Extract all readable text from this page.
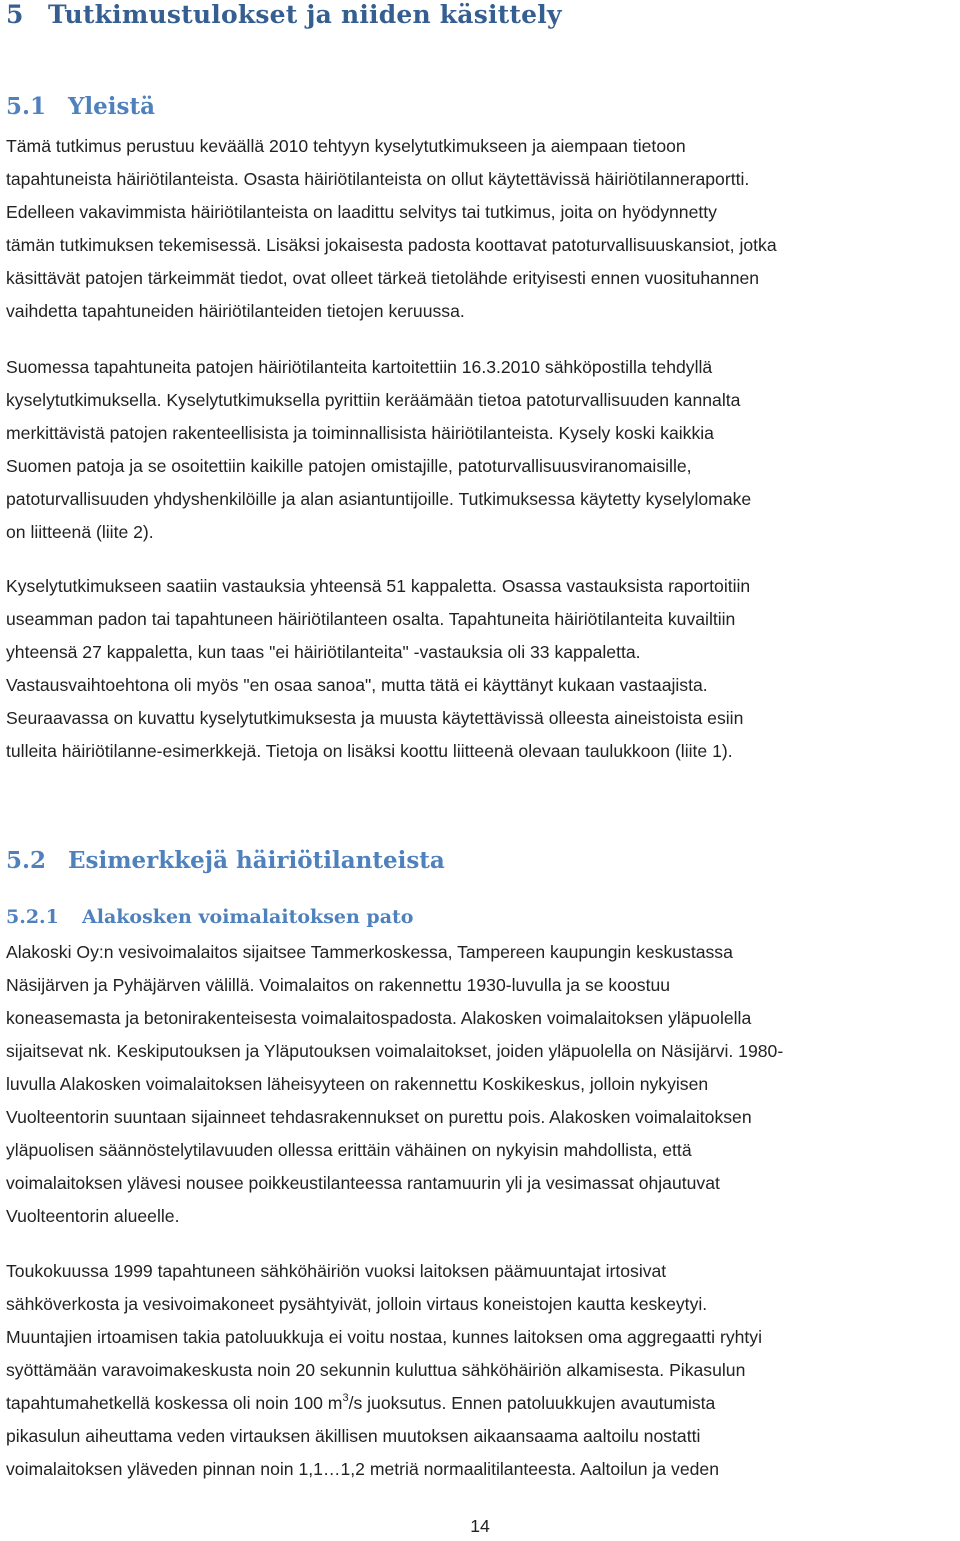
5 Tutkimustulokset ja niiden käsittely
5.1 Yleistä
Tämä tutkimus perustuu keväällä 2010 tehtyyn kyselytutkimukseen ja aiempaan tietoon
tapahtuneista häiriötilanteista. Osasta häiriötilanteista on ollut käytettävissä häiriötilanneraportti.
Edelleen vakavimmista häiriötilanteista on laadittu selvitys tai tutkimus, joita on hyödynnetty
tämän tutkimuksen tekemisessä. Lisäksi jokaisesta padosta koottavat patoturvallisuuskansiot, jotka
käsittävät patojen tärkeimmät tiedot, ovat olleet tärkeä tietolähde erityisesti ennen vuosituhannen
vaihdetta tapahtuneiden häiriötilanteiden tietojen keruussa.
Suomessa tapahtuneita patojen häiriötilanteita kartoitettiin 16.3.2010 sähköpostilla tehdyllä
kyselytutkimuksella. Kyselytutkimuksella pyrittiin keräämään tietoa patoturvallisuuden kannalta
merkittävistä patojen rakenteellisista ja toiminnallisista häiriötilanteista. Kysely koski kaikkia
Suomen patoja ja se osoitettiin kaikille patojen omistajille, patoturvallisuusviranomaisille,
patoturvallisuuden yhdyshenkilöille ja alan asiantuntijoille. Tutkimuksessa käytetty kyselylomake
on liitteenä (liite 2).
Kyselytutkimukseen saatiin vastauksia yhteensä 51 kappaletta. Osassa vastauksista raportoitiin
useamman padon tai tapahtuneen häiriötilanteen osalta. Tapahtuneita häiriötilanteita kuvailtiin
yhteensä 27 kappaletta, kun taas "ei häiriötilanteita" -vastauksia oli 33 kappaletta.
Vastausvaihtoehtona oli myös "en osaa sanoa", mutta tätä ei käyttänyt kukaan vastaajista.
Seuraavassa on kuvattu kyselytutkimuksesta ja muusta käytettävissä olleesta aineistoista esiin
tulleita häiriötilanne-esimerkkejä. Tietoja on lisäksi koottu liitteenä olevaan taulukkoon (liite 1).
5.2 Esimerkkejä häiriötilanteista
5.2.1 Alakosken voimalaitoksen pato
Alakoski Oy:n vesivoimalaitos sijaitsee Tammerkoskessa, Tampereen kaupungin keskustassa
Näsijärven ja Pyhäjärven välillä. Voimalaitos on rakennettu 1930-luvulla ja se koostuu
koneasemasta ja betonirakenteisesta voimalaitospadosta. Alakosken voimalaitoksen yläpuolella
sijaitsevat nk. Keskiputouksen ja Yläputouksen voimalaitokset, joiden yläpuolella on Näsijärvi. 1980-
luvulla Alakosken voimalaitoksen läheisyyteen on rakennettu Koskikeskus, jolloin nykyisen
Vuolteentorin suuntaan sijainneet tehdasrakennukset on purettu pois. Alakosken voimalaitoksen
yläpuolisen säännöstelytilavuuden ollessa erittäin vähäinen on nykyisin mahdollista, että
voimalaitoksen ylävesi nousee poikkeustilanteessa rantamuurin yli ja vesimassat ohjautuvat
Vuolteentorin alueelle.
Toukokuussa 1999 tapahtuneen sähköhäiriön vuoksi laitoksen päämuuntajat irtosivat
sähköverkosta ja vesivoimakoneet pysähtyivät, jolloin virtaus koneistojen kautta keskeytyi.
Muuntajien irtoamisen takia patoluukkuja ei voitu nostaa, kunnes laitoksen oma aggregaatti ryhtyi
syöttämään varavoimakeskusta noin 20 sekunnin kuluttua sähköhäiriön alkamisesta. Pikasulun
tapahtumahetkellä koskessa oli noin 100 $m^3/s$ juoksutus. Ennen patoluukkujen avautumista
pikasulun aiheuttama veden virtauksen äkillisen muutoksen aikaansaama aaltoilu nostatti
voimalaitoksen yläveden pinnan noin 1,1…1,2 metriä normaalitilanteesta. Aaltoilun ja veden
14
